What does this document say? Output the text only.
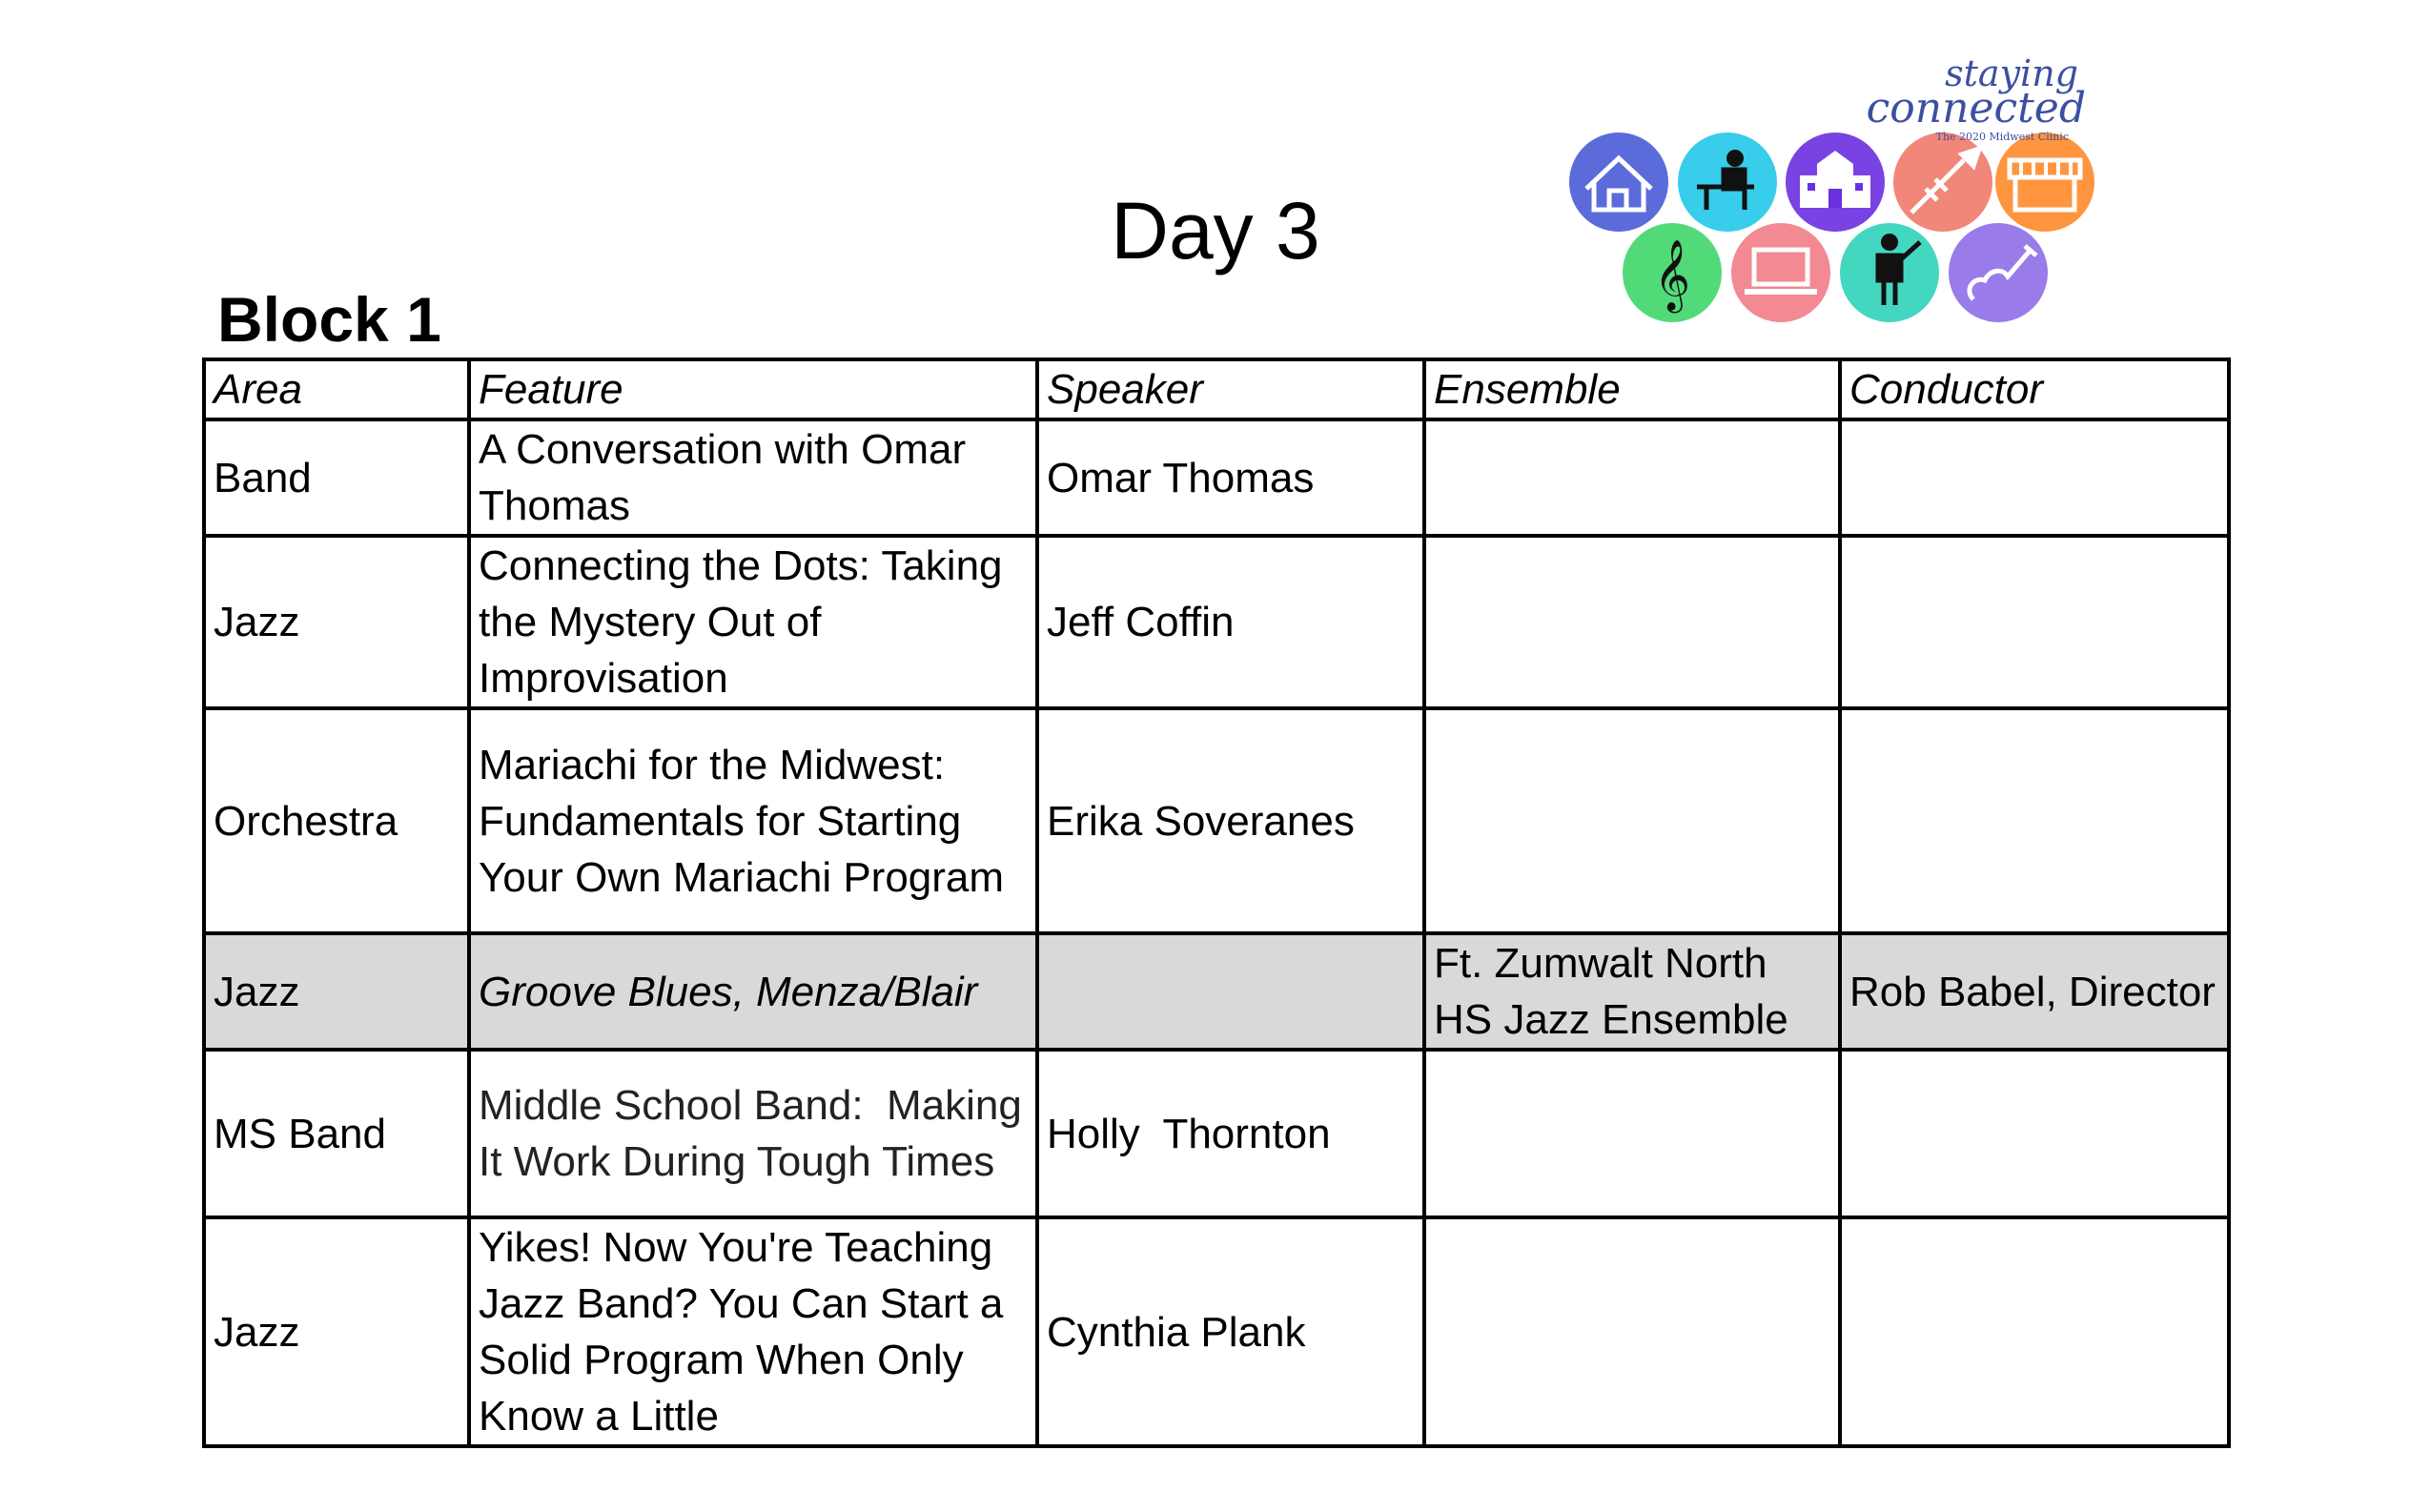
𝄞
staying
connected
The 2020 Midwest Clinic
Day 3
Block 1
Area	Feature	Speaker	Ensemble	Conductor
Band	A Conversation with Omar Thomas	Omar Thomas		
Jazz	Connecting the Dots: Taking the Mystery Out of Improvisation	Jeff Coffin		
Orchestra	Mariachi for the Midwest: Fundamentals for Starting Your Own Mariachi Program	Erika Soveranes		
Jazz	Groove Blues, Menza/Blair		Ft. Zumwalt North HS Jazz Ensemble	Rob Babel, Director
MS Band	Middle School Band:  Making It Work During Tough Times	Holly  Thornton		
Jazz	Yikes! Now You're Teaching Jazz Band? You Can Start a Solid Program When Only Know a Little	Cynthia Plank		
